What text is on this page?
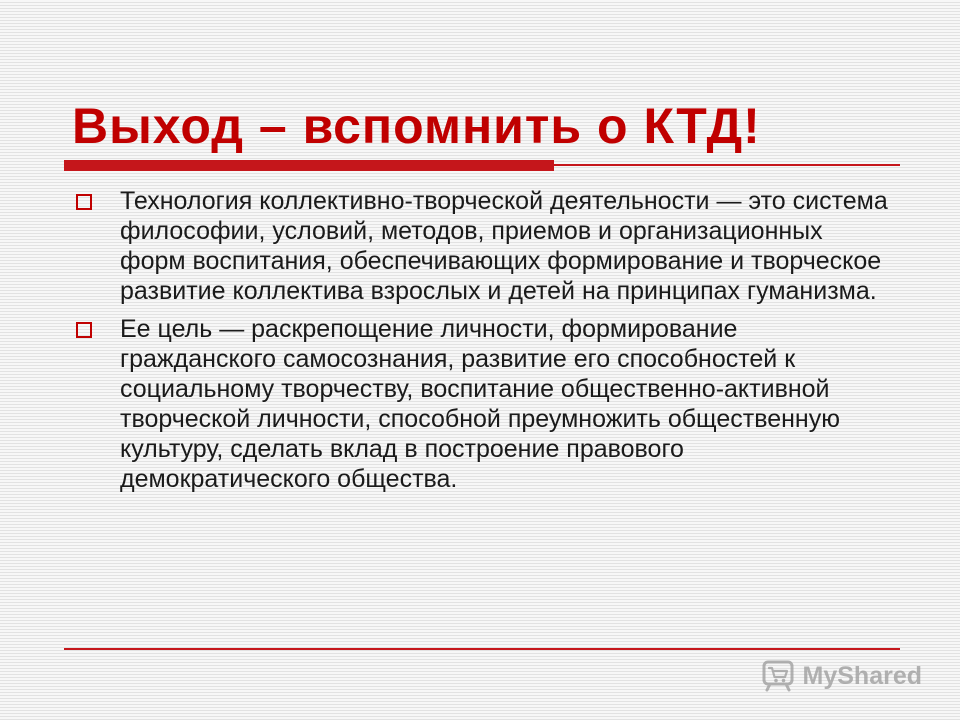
Выход – вспомнить о КТД!
Технология коллективно-творческой деятельности — это система философии, условий, методов, приемов и организационных форм воспитания, обеспечивающих формирование и творческое развитие коллектива взрослых и детей на принципах гуманизма.
Ее цель — раскрепощение личности, формирование гражданского самосознания, развитие его способностей к социальному творчеству, воспитание общественно-активной творческой личности, способной преумножить общественную культуру, сделать вклад в построение правового демократического общества.
MyShared
